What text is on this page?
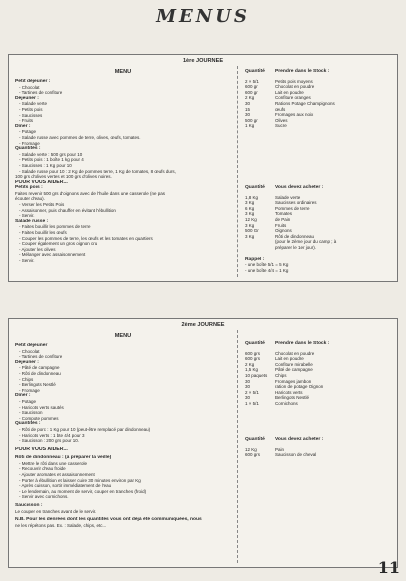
MENUS
1ère JOURNEE
MENU
Petit déjeuner :
- Chocolat
- Tartines de confiture
Déjeuner :
- Salade verte
- Petits pois
- Saucisses
- Fruits
Dîner :
- Potage
- Salade russe avec pommes de terre, olives, œufs, tomates.
- Fromage
Quantités :
- Salade verte : 500 grs pour 10
- Petits pois : 1 boîte 1 kg pour 4
- Saucisses : 1 Kg pour 10
- Salade russe pour 10 : 2 Kg de pommes terre, 1 Kg de tomates, 8 œufs durs,
100 grs d'olives vertes et 100 grs d'olives noires.
POUR VOUS AIDER...
Petits pois :
Faites revenir 500 grs d'oignons avec de l'huile dans une casserole (ne pas
écouter d'eau).
- Verser les Petits Pois
- Assaisonner, puis chauffer en évitant l'ébullition
- Servir.
Salade russe :
- Faites bouillir les pommes de terre
- Faites bouillir les œufs
- Couper les pommes de terre, les œufs et les tomates en quartiers
- Couper également un gros oignon cru
- Ajouter les olives
- Mélanger avec assaisonnement
- Servir.
Quantité	Prendre dans le Stock :
2 × 5/1	Petits pois moyens
600 gr	Chocolat en poudre
600 gr	Lait en poudre
2 Kg	Confiture oranges
30	Rations Potage Champignons
15	œufs
30	Fromages aux noix
500 gr	Olives
1 Kg	Sucre
Quantité	Vous devez acheter :
1,8 Kg	Salade verte
3 Kg	Saucisses ordinaires
6 Kg	Pommes de terre
3 Kg	Tomates
12 Kg	de Pain
3 Kg	Fruits
500 Gr	Oignons
3 Kg	Rôti de dindonneau
(pour le 2ème jour du camp ; à
préparer le 1er jour).
Rappel :
- une boîte 5/1 = 5 Kg
- une boîte 4/4 = 1 Kg
2ème JOURNEE
MENU
Petit déjeuner
- Chocolat
- Tartines de confiture
Déjeuner :
- Pâté de campagne
- Rôti de dindonneau
- Chips
- Berlingots Nestlé
- Fromage
Dîner :
- Potage
- Haricots verts sautés
- Saucisson
- Compote pommes
Quantités :
- Rôti de porc : 1 Kg pour 10 (peut-être remplacé par dindonneau)
- Haricots verts : 1 bte 4/4 pour 3
- Saucisson : 200 grs pour 10.
POUR VOUS AIDER...
Rôti de dindonneau : (à préparer la veille)
- Mettre le rôti dans une casserole
- Recouvrir d'eau froide
- Ajouter aromates et assaisonnement
- Porter à ébullition et laisser cuire 30 minutes environ par Kg
- Après cuisson, sortir immédiatement de l'eau
- Le lendemain, au moment de servir, couper en tranches (froid)
- Servir avec cornichons.
Saucisson :
Le couper en tranches avant de le servir.
N.B. Pour les denrées dont les quantités vous ont déjà été communiquées, nous
ne les répétons pas. Ex. : Salade, chips, etc...
Quantité	Prendre dans le Stock :
600 grs	Chocolat en poudre
600 grs	Lait en poudre
2 Kg	Confiture mirabelle
1,5 Kg	Pâté de campagne
10 paquets	Chips
30	Fromages jambon
30	ration de potage Oignon
2 × 5/1	Haricots verts
30	Berlingots Nestlé
1 × 5/1	Cornichons
Quantité	Vous devez acheter :
12 Kg	Pain
600 grs	Saucisson de cheval
11
